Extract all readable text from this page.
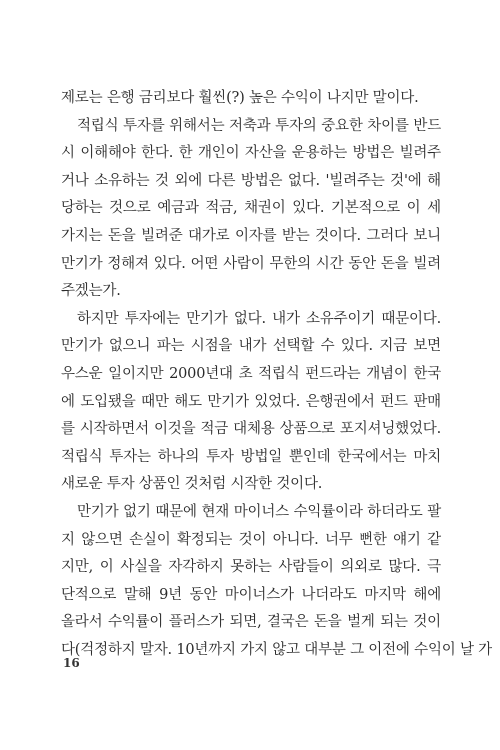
제로는 은행 금리보다 훨씬(?) 높은 수익이 나지만 말이다.
적립식 투자를 위해서는 저축과 투자의 중요한 차이를 반드
시 이해해야 한다. 한 개인이 자산을 운용하는 방법은 빌려주
거나 소유하는 것 외에 다른 방법은 없다. '빌려주는 것'에 해
당하는 것으로 예금과 적금, 채권이 있다. 기본적으로 이 세
가지는 돈을 빌려준 대가로 이자를 받는 것이다. 그러다 보니
만기가 정해져 있다. 어떤 사람이 무한의 시간 동안 돈을 빌려
주겠는가.
하지만 투자에는 만기가 없다. 내가 소유주이기 때문이다.
만기가 없으니 파는 시점을 내가 선택할 수 있다. 지금 보면
우스운 일이지만 2000년대 초 적립식 펀드라는 개념이 한국
에 도입됐을 때만 해도 만기가 있었다. 은행권에서 펀드 판매
를 시작하면서 이것을 적금 대체용 상품으로 포지셔닝했었다.
적립식 투자는 하나의 투자 방법일 뿐인데 한국에서는 마치
새로운 투자 상품인 것처럼 시작한 것이다.
만기가 없기 때문에 현재 마이너스 수익률이라 하더라도 팔
지 않으면 손실이 확정되는 것이 아니다. 너무 뻔한 얘기 같
지만, 이 사실을 자각하지 못하는 사람들이 의외로 많다. 극
단적으로 말해 9년 동안 마이너스가 나더라도 마지막 해에
올라서 수익률이 플러스가 되면, 결국은 돈을 벌게 되는 것이
다(걱정하지 말자. 10년까지 가지 않고 대부분 그 이전에 수익이 날 가
16
